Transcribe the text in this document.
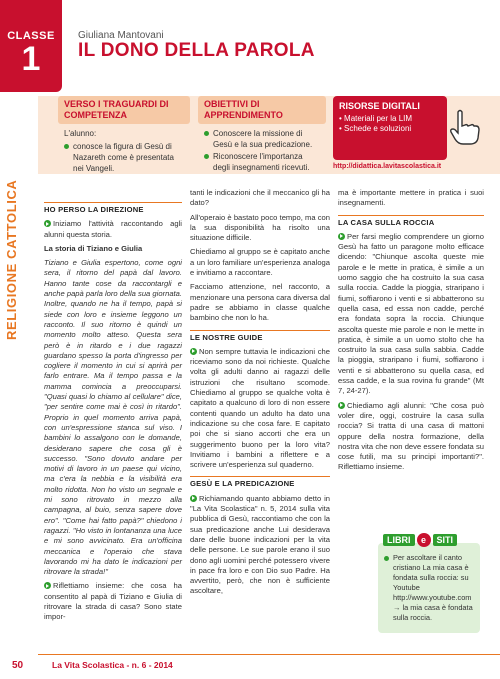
CLASSE
1
RELIGIONE CATTOLICA
Giuliana Mantovani
IL DONO DELLA PAROLA
VERSO I TRAGUARDI DI COMPETENZA
L'alunno:
conosce la figura di Gesù di Nazareth come è presentata nei Vangeli.
OBIETTIVI DI APPRENDIMENTO
Conoscere la missione di Gesù e la sua predicazione.
Riconoscere l'importanza degli insegnamenti ricevuti.
RISORSE DIGITALI
• Materiali per la LIM
• Schede e soluzioni
http://didattica.lavitascolastica.it
HO PERSO LA DIREZIONE

Iniziamo l'attività raccontando agli alunni questa storia.

La storia di Tiziano e Giulia

Tiziano e Giulia espertono, come ogni sera, il ritorno del papà dal lavoro. Hanno tante cose da raccontargli e anche papà parla loro della sua giornata. Inoltre, quando ne ha il tempo, papà si siede con loro e insieme leggono un racconto. Il suo ritorno è quindi un momento molto atteso. Questa sera però è in ritardo e i due ragazzi guardano spesso la porta d'ingresso per cogliere il momento in cui si aprirà per farlo entrare. Ma il tempo passa e la mamma comincia a preoccuparsi. "Quasi quasi lo chiamo al cellulare" dice, "per sentire come mai è così in ritardo". Proprio in quel momento arriva papà, con un'espressione stanca sul viso. I bambini lo assalgono con le domande, desiderano sapere che cosa gli è successo. "Sono dovuto andare per motivi di lavoro in un paese qui vicino, ma c'era la nebbia e la visibilità era molto ridotta. Non ho visto un segnale e mi sono ritrovato in mezzo alla campagna, al buio, senza sapere dove ero". "Come hai fatto papà?" chiedono i ragazzi. "Ho visto in lontananza una luce e mi sono avvicinato. Era un'officina meccanica e l'operaio che stava lavorando mi ha dato le indicazioni per ritrovare la strada!"

Riflettiamo insieme: che cosa ha consentito al papà di Tiziano e Giulia di ritrovare la strada di casa? Sono state impor-

tanti le indicazioni che il meccanico gli ha dato?

All'operaio è bastato poco tempo, ma con la sua disponibilità ha risolto una situazione difficile.

Chiediamo al gruppo se è capitato anche a un loro familiare un'esperienza analoga e invitiamo a raccontare.

Facciamo attenzione, nel racconto, a menzionare una persona cara diversa dal padre se abbiamo in classe qualche bambino che non lo ha.

LE NOSTRE GUIDE

Non sempre tuttavia le indicazioni che riceviamo sono da noi richieste. Qualche volta gli adulti danno ai ragazzi delle istruzioni che risultano scomode. Chiediamo al gruppo se qualche volta è capitato a qualcuno di loro di non essere contenti quando un adulto ha dato una indicazione su che cosa fare. E capitato poi che si siano accorti che era un suggerimento buono per la loro vita? Invitiamo i bambini a riflettere e a scrivere un'esperienza sul quaderno.

GESÙ E LA PREDICAZIONE

Richiamando quanto abbiamo detto in "La Vita Scolastica" n. 5, 2014 sulla vita pubblica di Gesù, raccontiamo che con la sua predicazione anche Lui desiderava dare delle buone indicazioni per la vita delle persone. Le sue parole erano il suo dono agli uomini perché potessero vivere in pace fra loro e con Dio suo Padre. Ha avvertito, però, che non è sufficiente ascoltare,

ma è importante mettere in pratica i suoi insegnamenti.

LA CASA SULLA ROCCIA

Per farsi meglio comprendere un giorno Gesù ha fatto un paragone molto efficace dicendo: "Chiunque ascolta queste mie parole e le mette in pratica, è simile a un uomo saggio che ha costruito la sua casa sulla roccia. Cadde la pioggia, straripano i fiumi, soffiarono i venti e si abbatterono su quella casa, ed essa non cadde, perché era fondata sopra la roccia. Chiunque ascolta queste mie parole e non le mette in pratica, è simile a un uomo stolto che ha costruito la sua casa sulla sabbia. Cadde la pioggia, straripano i fiumi, soffiarono i venti e si abbatterono su quella casa, ed essa cadde, e la sua rovina fu grande" (Mt 7, 24-27).

Chiediamo agli alunni: "Che cosa può voler dire, oggi, costruire la casa sulla roccia? Si tratta di una casa di mattoni oppure della nostra formazione, della nostra vita che non deve essere fondata su cose futili, ma su principi importanti?". Riflettiamo insieme.

Per ascoltare il canto cristiano La mia casa è fondata sulla roccia: su Youtube http://www.youtube.com → la mia casa è fondata sulla roccia.
LIBRI	e	SITI
50	La Vita Scolastica - n. 6 - 2014
